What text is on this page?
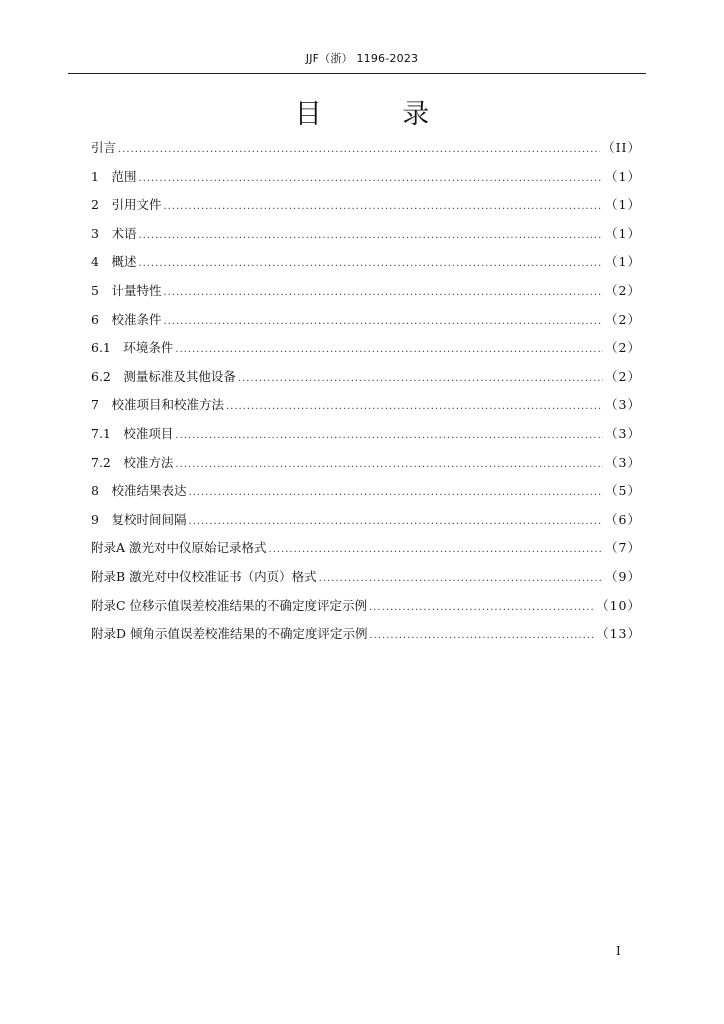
JJF（浙） 1196-2023
目 录
引言 .....	（II）
1　范围 .....	（1）
2　引用文件 .....	（1）
3　术语 .....	（1）
4　概述 .....	（1）
5　计量特性 .....	（2）
6　校准条件 .....	（2）
6.1　环境条件 .....	（2）
6.2　测量标准及其他设备 .....	（2）
7　校准项目和校准方法 .....	（3）
7.1　校准项目 .....	（3）
7.2　校准方法 .....	（3）
8　校准结果表达 .....	（5）
9　复校时间间隔 .....	（6）
附录A 激光对中仪原始记录格式 .....	（7）
附录B 激光对中仪校准证书（内页）格式 .....	（9）
附录C 位移示值误差校准结果的不确定度评定示例 .....	（10）
附录D 倾角示值误差校准结果的不确定度评定示例 .....	（13）
I
